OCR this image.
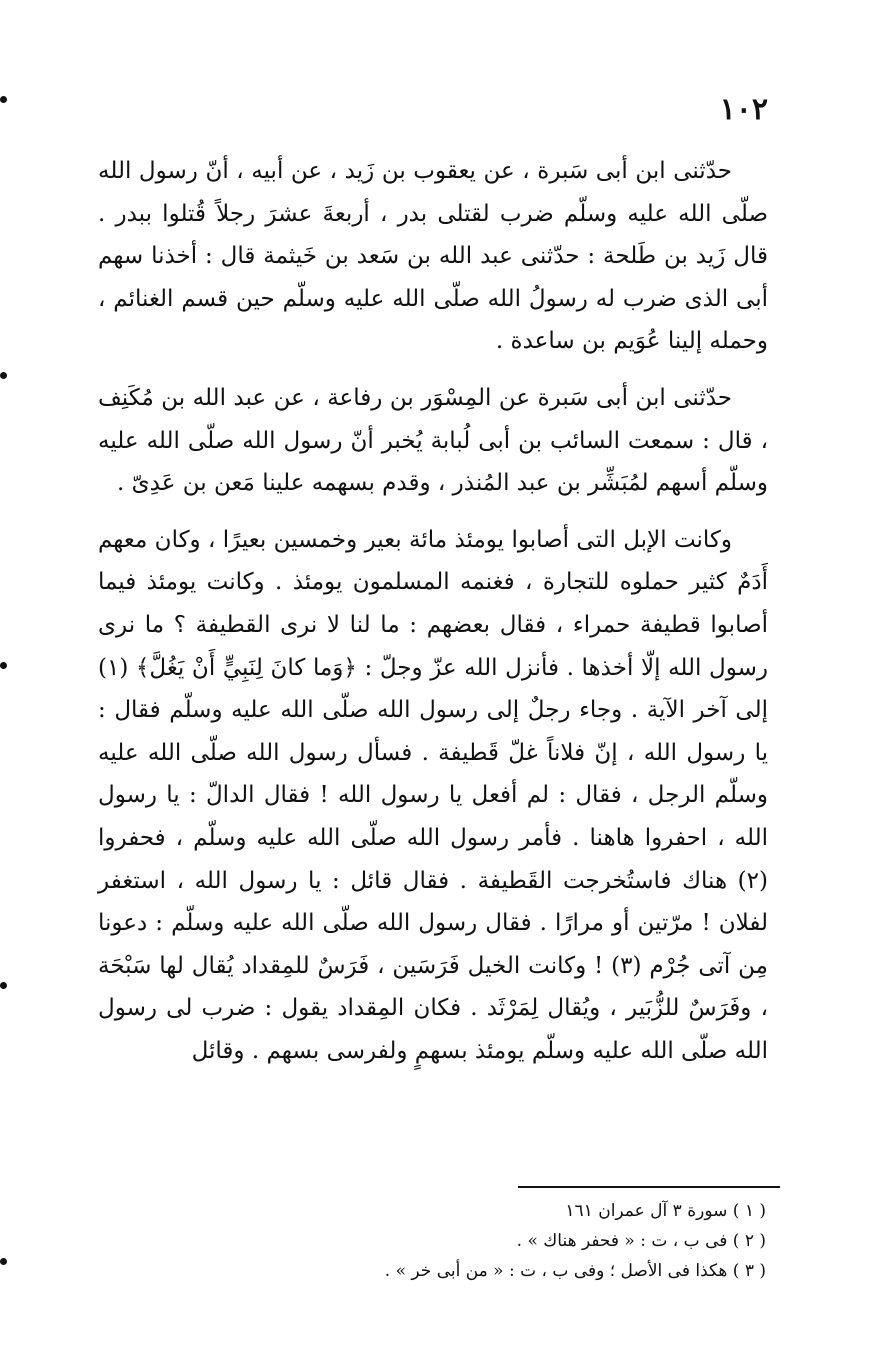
١٠٢

حدّثنى ابن أبى سَبرة ، عن يعقوب بن زَيد ، عن أبيه ، أنّ رسول الله صلّى الله عليه وسلّم ضرب لقتلى بدر ، أربعةَ عشرَ رجلاً قُتلوا ببدر . قال زَيد بن طَلحة : حدّثنى عبد الله بن سَعد بن خَيثمة قال : أخذنا سهم أبى الذى ضرب له رسولُ الله صلّى الله عليه وسلّم حين قسم الغنائم ، وحمله إلينا عُوَيم بن ساعدة .

حدّثنى ابن أبى سَبرة عن المِسْوَر بن رفاعة ، عن عبد الله بن مُكَنِف ، قال : سمعت السائب بن أبى لُبابة يُخبر أنّ رسول الله صلّى الله عليه وسلّم أسهم لمُبَشِّر بن عبد المُنذر ، وقدم بسهمه علينا مَعن بن عَدِىّ .

وكانت الإبل التى أصابوا يومئذ مائة بعير وخمسين بعيرًا ، وكان معهم أَدَمٌ كثير حملوه للتجارة ، فغنمه المسلمون يومئذ . وكانت يومئذ فيما أصابوا قطيفة حمراء ، فقال بعضهم : ما لنا لا نرى القطيفة ؟ ما نرى رسول الله إلّا أخذها . فأنزل الله عزّ وجلّ : ﴿وَما كانَ لِنَبِيٍّ أَنْ يَغُلَّ﴾ (١) إلى آخر الآية . وجاء رجلٌ إلى رسول الله صلّى الله عليه وسلّم فقال : يا رسول الله ، إنّ فلاناً غلّ قَطيفة . فسأل رسول الله صلّى الله عليه وسلّم الرجل ، فقال : لم أفعل يا رسول الله ! فقال الدالّ : يا رسول الله ، احفروا هاهنا . فأمر رسول الله صلّى الله عليه وسلّم ، فحفروا (٢) هناك فاستُخرجت القَطيفة . فقال قائل : يا رسول الله ، استغفر لفلان ! مرّتين أو مرارًا . فقال رسول الله صلّى الله عليه وسلّم : دعونا مِن آتى جُرْم (٣) ! وكانت الخيل فَرَسَين ، فَرَسٌ للمِقداد يُقال لها سَبْحَة ، وفَرَسٌ للزُّبَير ، ويُقال لِمَرْثَد . فكان المِقداد يقول : ضرب لى رسول الله صلّى الله عليه وسلّم يومئذ بسهمٍ ولفرسى بسهم . وقائل

( ١ ) سورة ٣ آل عمران ١٦١
( ٢ ) فى ب ، ت : « فحفر هناك » .
( ٣ ) هكذا فى الأصل ؛ وفى ب ، ت : « من أبى خر » .
